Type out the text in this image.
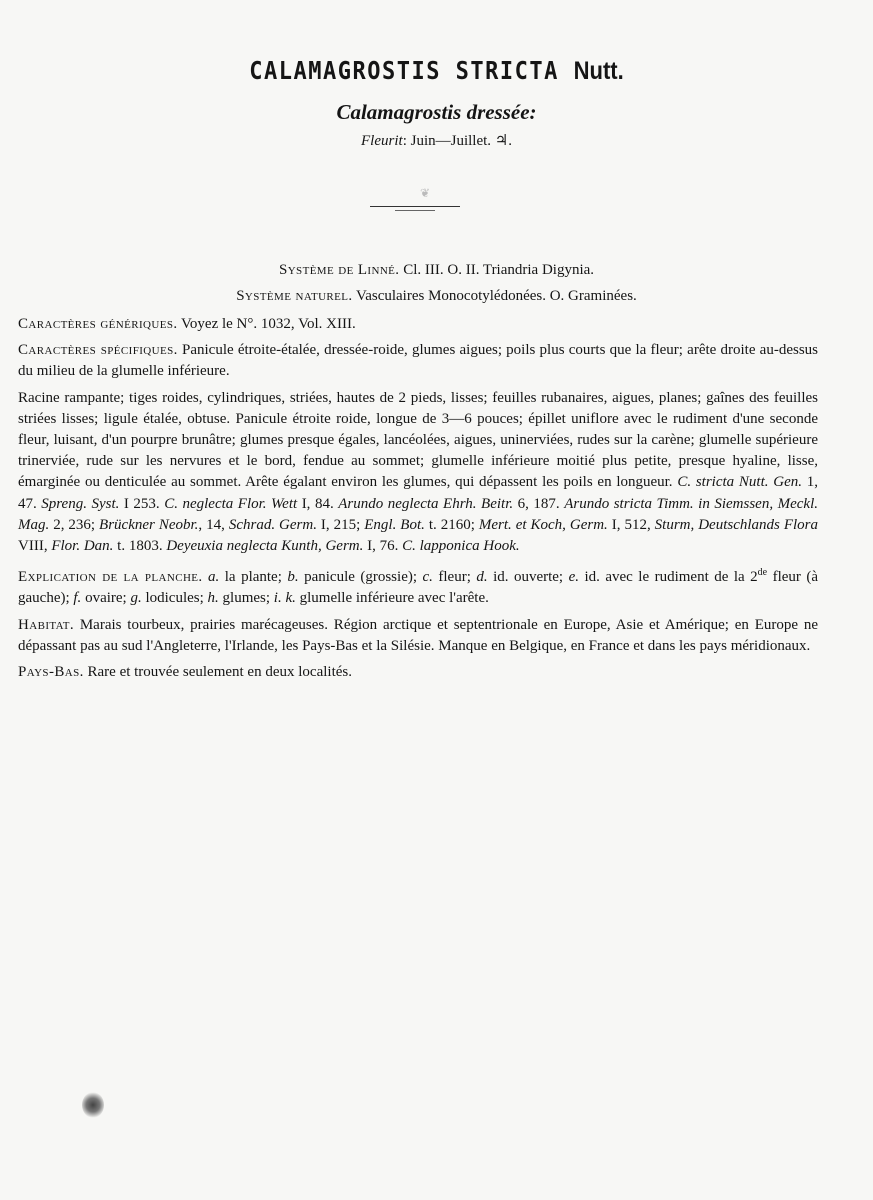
CALAMAGROSTIS STRICTA Nutt.
Calamagrostis dressée:
Fleurit: Juin—Juillet. ♃.
❦
Système de Linné. Cl. III. O. II. Triandria Digynia.
Système naturel. Vasculaires Monocotylédonées. O. Graminées.

Caractères génériques. Voyez le N°. 1032, Vol. XIII.

Caractères spécifiques. Panicule étroite-étalée, dressée-roide, glumes aigues; poils plus courts que la fleur; arête droite au-dessus du milieu de la glumelle inférieure.

Racine rampante; tiges roides, cylindriques, striées, hautes de 2 pieds, lisses; feuilles rubanaires, aigues, planes; gaînes des feuilles striées lisses; ligule étalée, obtuse. Panicule étroite roide, longue de 3—6 pouces; épillet uniflore avec le rudiment d'une seconde fleur, luisant, d'un pourpre brunâtre; glumes presque égales, lancéolées, aigues, uninerviées, rudes sur la carène; glumelle supérieure trinerviée, rude sur les nervures et le bord, fendue au sommet; glumelle inférieure moitié plus petite, presque hyaline, lisse, émarginée ou denticulée au sommet. Arête égalant environ les glumes, qui dépassent les poils en longueur. C. stricta Nutt. Gen. 1, 47. Spreng. Syst. I 253. C. neglecta Flor. Wett I, 84. Arundo neglecta Ehrh. Beitr. 6, 187. Arundo stricta Timm. in Siemssen, Meckl. Mag. 2, 236; Brückner Neobr., 14, Schrad. Germ. I, 215; Engl. Bot. t. 2160; Mert. et Koch, Germ. I, 512, Sturm, Deutschlands Flora VIII, Flor. Dan. t. 1803. Deyeuxia neglecta Kunth, Germ. I, 76. C. lapponica Hook.

Explication de la planche. a. la plante; b. panicule (grossie); c. fleur; d. id. ouverte; e. id. avec le rudiment de la 2de fleur (à gauche); f. ovaire; g. lodicules; h. glumes; i. k. glumelle inférieure avec l'arête.

Habitat. Marais tourbeux, prairies marécageuses. Région arctique et septentrionale en Europe, Asie et Amérique; en Europe ne dépassant pas au sud l'Angleterre, l'Irlande, les Pays-Bas et la Silésie. Manque en Belgique, en France et dans les pays méridionaux.

Pays-Bas. Rare et trouvée seulement en deux localités.
